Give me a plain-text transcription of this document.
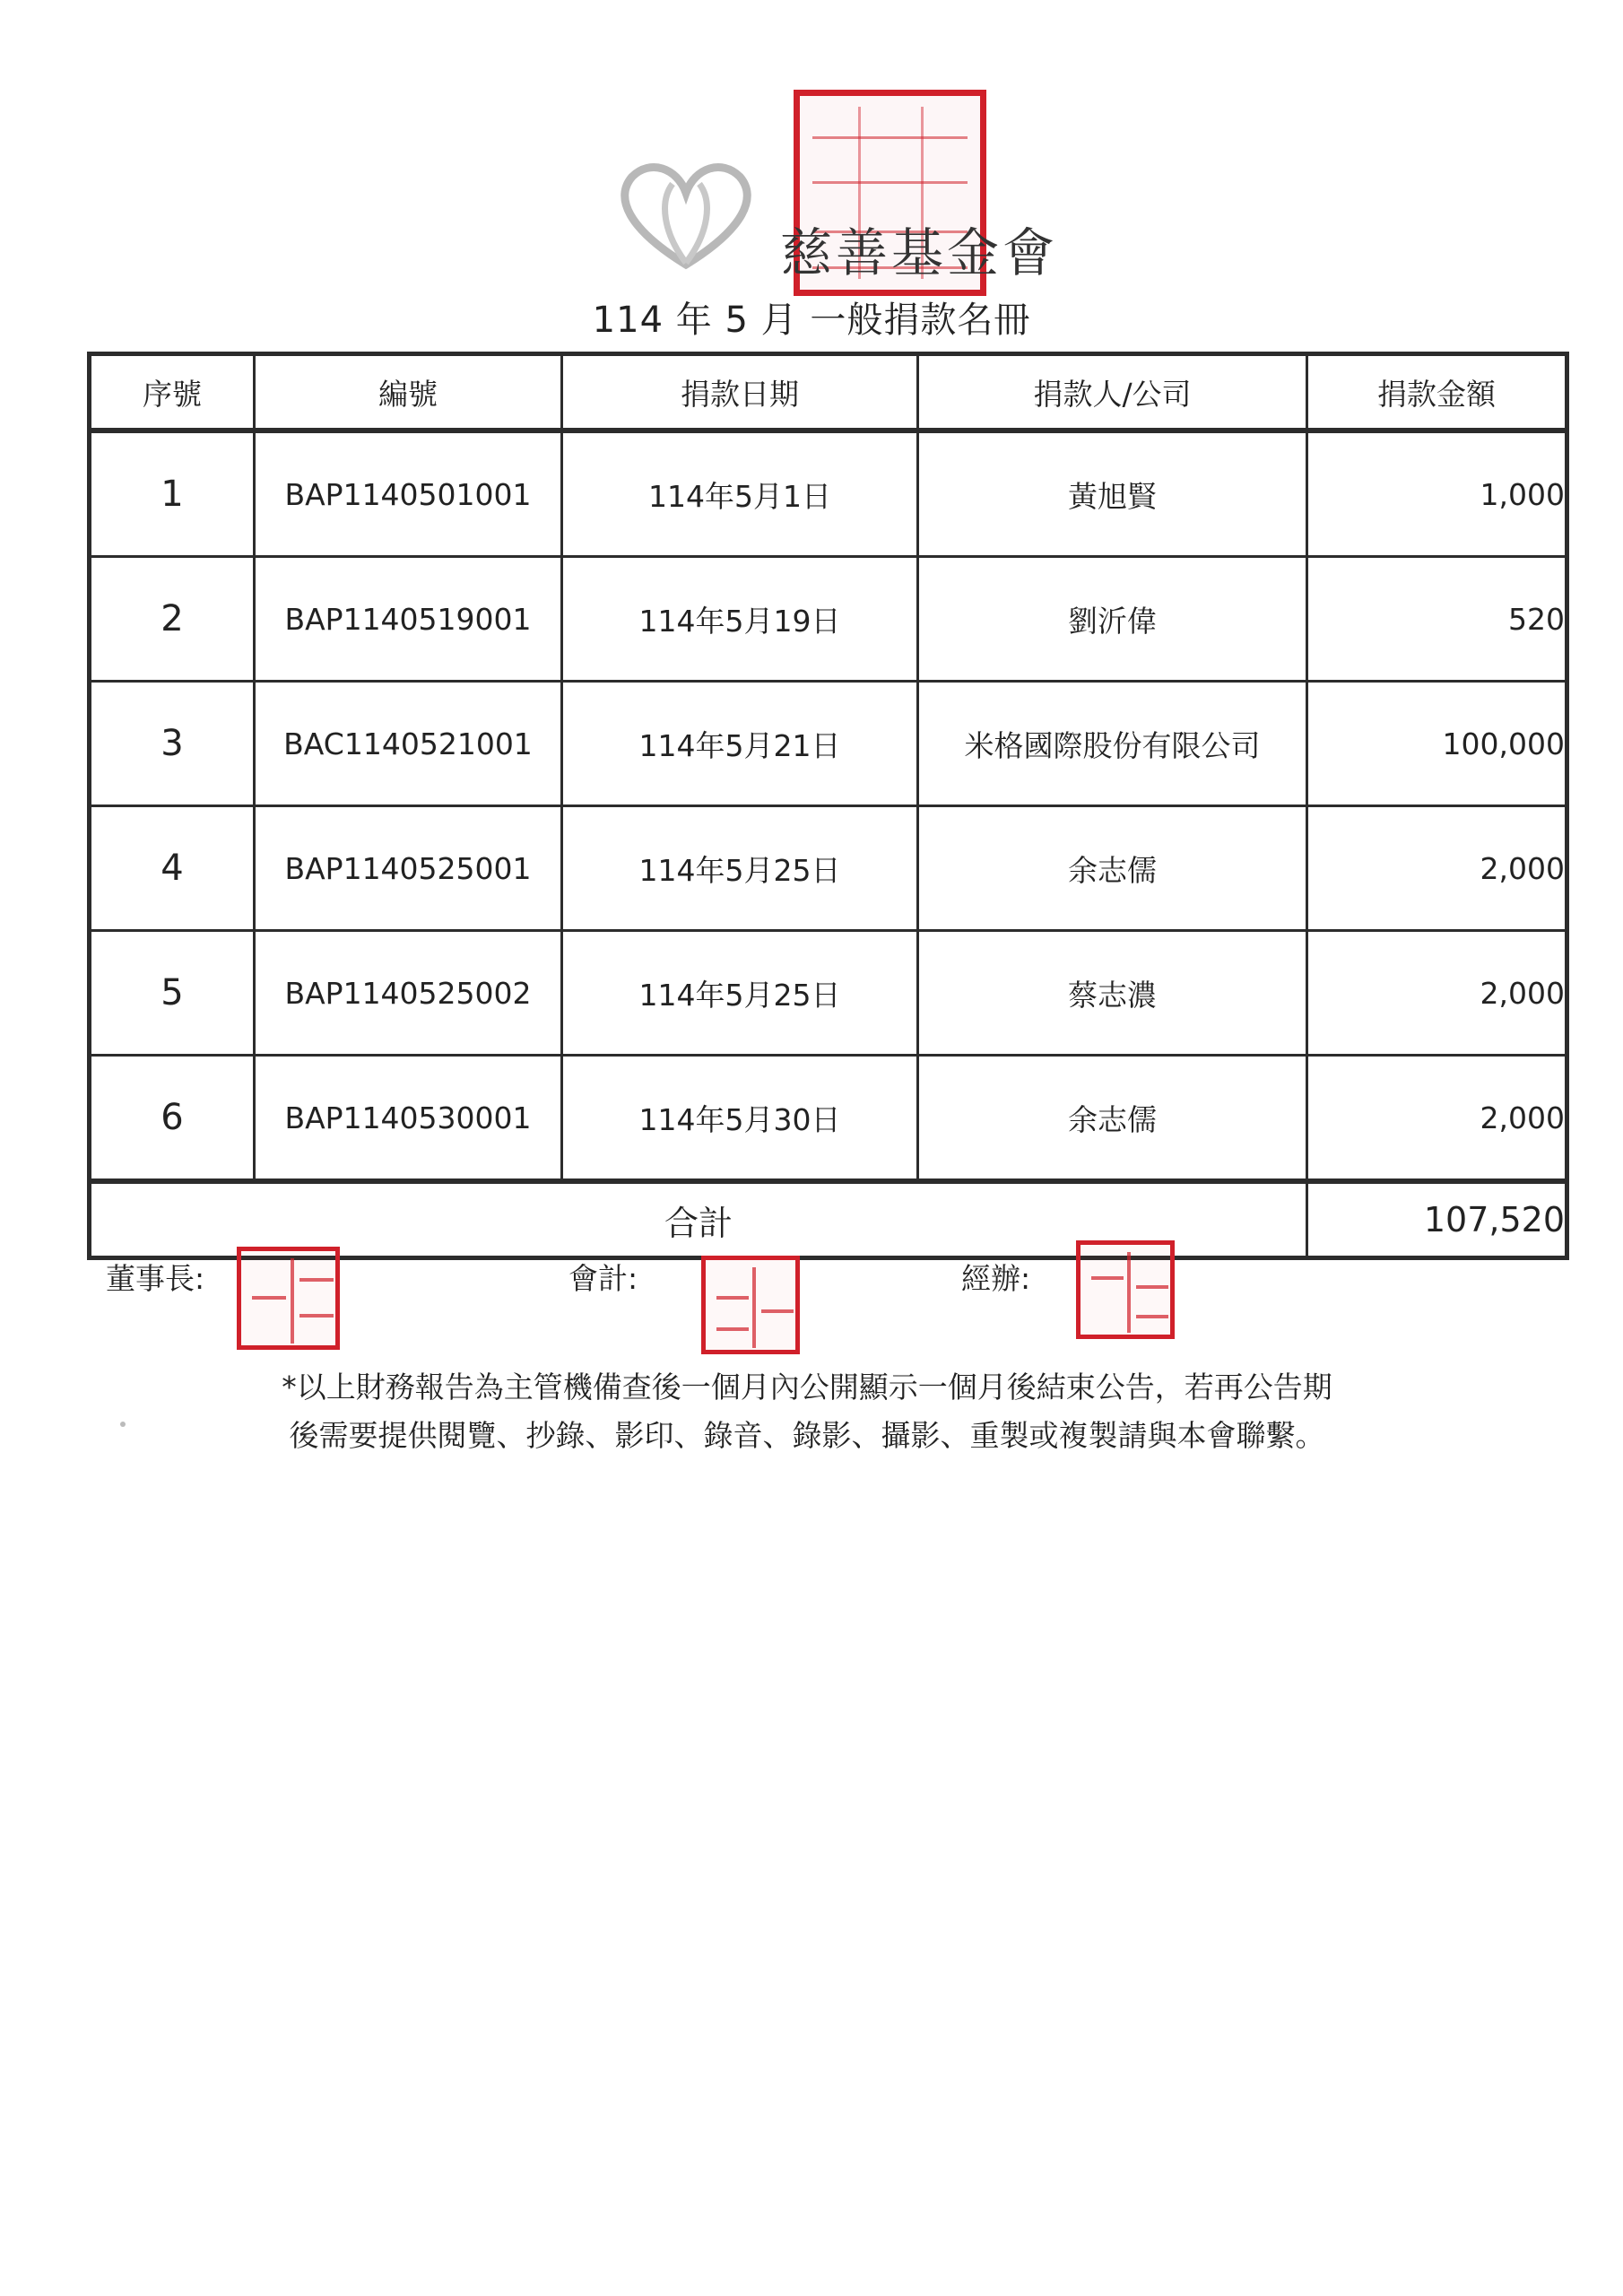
慈善基金會
114 年 5 月 一般捐款名冊
序號	編號	捐款日期	捐款人/公司	捐款金額
1	BAP1140501001	114年5月1日	黃旭賢	1,000
2	BAP1140519001	114年5月19日	劉沂偉	520
3	BAC1140521001	114年5月21日	米格國際股份有限公司	100,000
4	BAP1140525001	114年5月25日	余志儒	2,000
5	BAP1140525002	114年5月25日	蔡志濃	2,000
6	BAP1140530001	114年5月30日	余志儒	2,000
合計				107,520
董事長:	會計:	經辦:
*以上財務報告為主管機備查後一個月內公開顯示一個月後結束公告，若再公告期
後需要提供閱覽、抄錄、影印、錄音、錄影、攝影、重製或複製請與本會聯繫。
